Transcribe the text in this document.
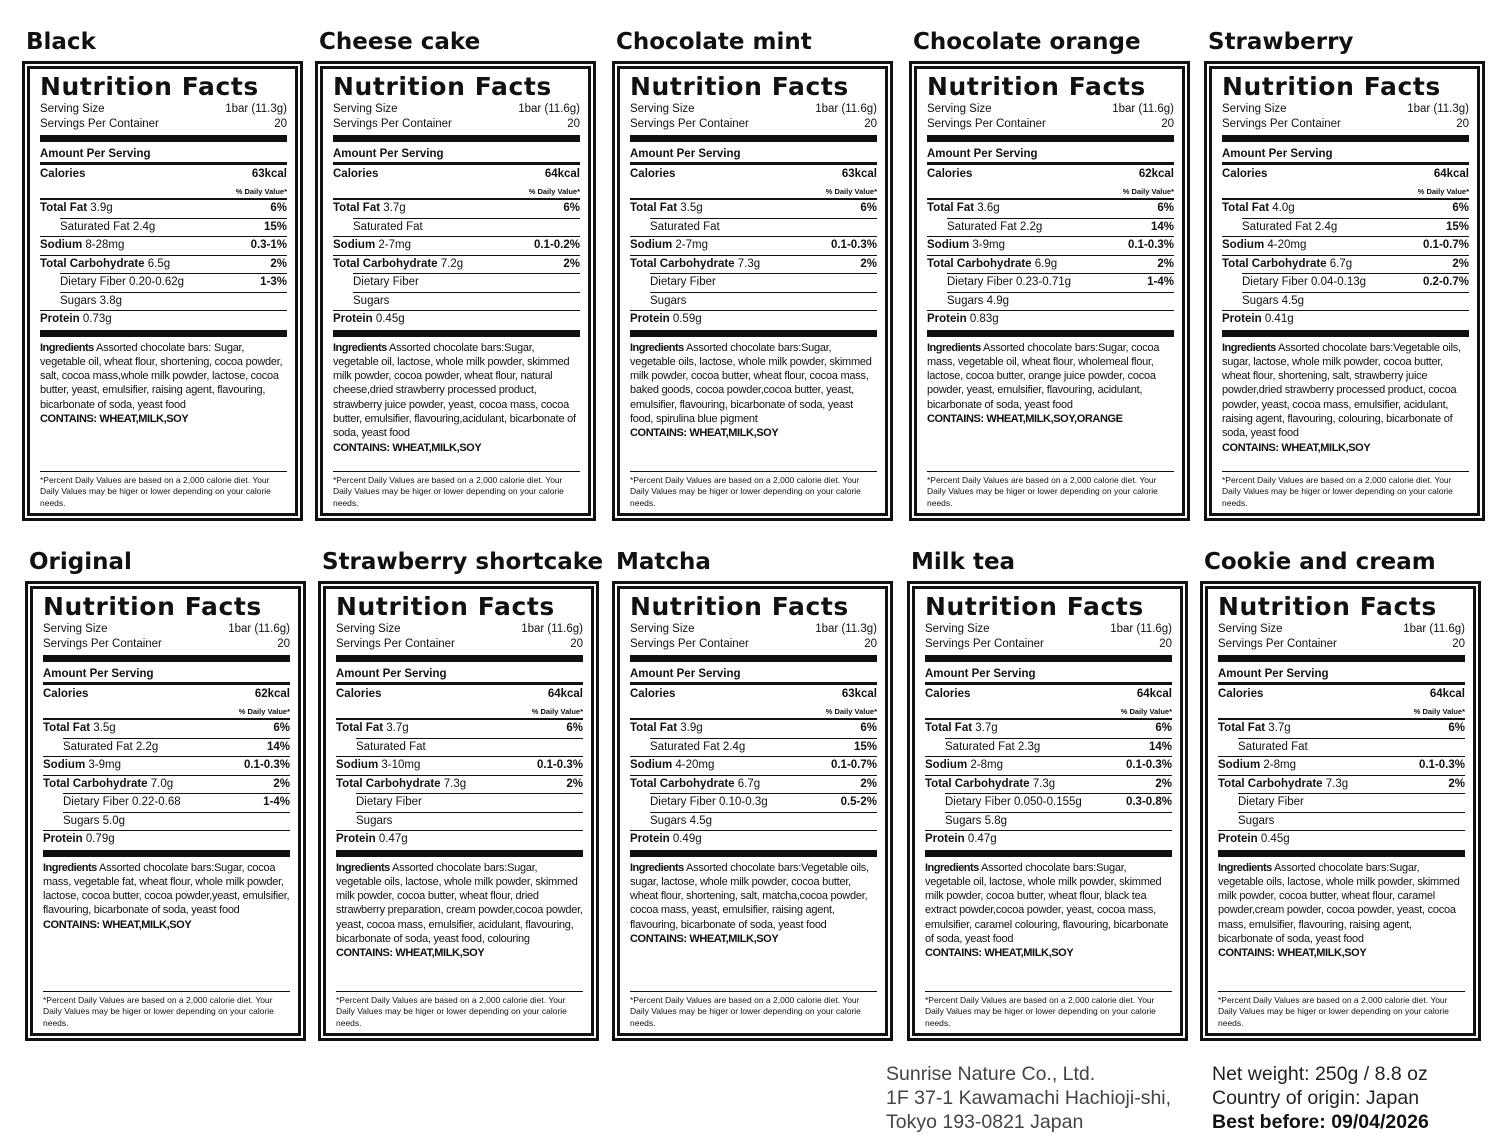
Black
Nutrition Facts
Serving Size	1bar (11.3g)
Servings Per Container	20
Amount Per Serving
Calories	63kcal
% Daily Value*
Total Fat 3.9g	6%
Saturated Fat 2.4g	15%
Sodium 8-28mg	0.3-1%
Total Carbohydrate 6.5g	2%
Dietary Fiber 0.20-0.62g	1-3%
Sugars 3.8g
Protein 0.73g
Ingredients Assorted chocolate bars: Sugar, vegetable oil, wheat flour, shortening, cocoa powder, salt, cocoa mass,whole milk powder, lactose, cocoa butter, yeast, emulsifier, raising agent, flavouring, bicarbonate of soda, yeast food
CONTAINS: WHEAT,MILK,SOY
*Percent Daily Values are based on a 2,000 calorie diet. Your Daily Values may be higer or lower depending on your calorie needs.
Cheese cake
Nutrition Facts
Serving Size	1bar (11.6g)
Servings Per Container	20
Amount Per Serving
Calories	64kcal
% Daily Value*
Total Fat 3.7g	6%
Saturated Fat
Sodium 2-7mg	0.1-0.2%
Total Carbohydrate 7.2g	2%
Dietary Fiber
Sugars
Protein 0.45g
Ingredients Assorted chocolate bars:Sugar, vegetable oil, lactose, whole milk powder, skimmed milk powder, cocoa powder, wheat flour, natural cheese,dried strawberry processed product, strawberry juice powder, yeast, cocoa mass, cocoa butter, emulsifier, flavouring,acidulant, bicarbonate of soda, yeast food
CONTAINS: WHEAT,MILK,SOY
*Percent Daily Values are based on a 2,000 calorie diet. Your Daily Values may be higer or lower depending on your calorie needs.
Chocolate mint
Nutrition Facts
Serving Size	1bar (11.6g)
Servings Per Container	20
Amount Per Serving
Calories	63kcal
% Daily Value*
Total Fat 3.5g	6%
Saturated Fat
Sodium 2-7mg	0.1-0.3%
Total Carbohydrate 7.3g	2%
Dietary Fiber
Sugars
Protein 0.59g
Ingredients Assorted chocolate bars:Sugar, vegetable oils, lactose, whole milk powder, skimmed milk powder, cocoa butter, wheat flour, cocoa mass, baked goods, cocoa powder,cocoa butter, yeast, emulsifier, flavouring, bicarbonate of soda, yeast food, spirulina blue pigment
CONTAINS: WHEAT,MILK,SOY
*Percent Daily Values are based on a 2,000 calorie diet. Your Daily Values may be higer or lower depending on your calorie needs.
Chocolate orange
Nutrition Facts
Serving Size	1bar (11.6g)
Servings Per Container	20
Amount Per Serving
Calories	62kcal
% Daily Value*
Total Fat 3.6g	6%
Saturated Fat 2.2g	14%
Sodium 3-9mg	0.1-0.3%
Total Carbohydrate 6.9g	2%
Dietary Fiber 0.23-0.71g	1-4%
Sugars 4.9g
Protein 0.83g
Ingredients Assorted chocolate bars:Sugar, cocoa mass, vegetable oil, wheat flour, wholemeal flour, lactose, cocoa butter, orange juice powder, cocoa powder, yeast, emulsifier, flavouring, acidulant, bicarbonate of soda, yeast food
CONTAINS: WHEAT,MILK,SOY,ORANGE
*Percent Daily Values are based on a 2,000 calorie diet. Your Daily Values may be higer or lower depending on your calorie needs.
Strawberry
Nutrition Facts
Serving Size	1bar (11.3g)
Servings Per Container	20
Amount Per Serving
Calories	64kcal
% Daily Value*
Total Fat 4.0g	6%
Saturated Fat 2.4g	15%
Sodium 4-20mg	0.1-0.7%
Total Carbohydrate 6.7g	2%
Dietary Fiber 0.04-0.13g	0.2-0.7%
Sugars 4.5g
Protein 0.41g
Ingredients Assorted chocolate bars:Vegetable oils, sugar, lactose, whole milk powder, cocoa butter, wheat flour, shortening, salt, strawberry juice powder,dried strawberry processed product, cocoa powder, yeast, cocoa mass, emulsifier, acidulant, raising agent, flavouring, colouring, bicarbonate of soda, yeast food
CONTAINS: WHEAT,MILK,SOY
*Percent Daily Values are based on a 2,000 calorie diet. Your Daily Values may be higer or lower depending on your calorie needs.
Original
Nutrition Facts
Serving Size	1bar (11.6g)
Servings Per Container	20
Amount Per Serving
Calories	62kcal
% Daily Value*
Total Fat 3.5g	6%
Saturated Fat 2.2g	14%
Sodium 3-9mg	0.1-0.3%
Total Carbohydrate 7.0g	2%
Dietary Fiber 0.22-0.68	1-4%
Sugars 5.0g
Protein 0.79g
Ingredients Assorted chocolate bars:Sugar, cocoa mass, vegetable fat, wheat flour, whole milk powder, lactose, cocoa butter, cocoa powder,yeast, emulsifier, flavouring, bicarbonate of soda, yeast food
CONTAINS: WHEAT,MILK,SOY
*Percent Daily Values are based on a 2,000 calorie diet. Your Daily Values may be higer or lower depending on your calorie needs.
Strawberry shortcake
Nutrition Facts
Serving Size	1bar (11.6g)
Servings Per Container	20
Amount Per Serving
Calories	64kcal
% Daily Value*
Total Fat 3.7g	6%
Saturated Fat
Sodium 3-10mg	0.1-0.3%
Total Carbohydrate 7.3g	2%
Dietary Fiber
Sugars
Protein 0.47g
Ingredients Assorted chocolate bars:Sugar, vegetable oils, lactose, whole milk powder, skimmed milk powder, cocoa butter, wheat flour, dried strawberry preparation, cream powder,cocoa powder, yeast, cocoa mass, emulsifier, acidulant, flavouring, bicarbonate of soda, yeast food, colouring
CONTAINS: WHEAT,MILK,SOY
*Percent Daily Values are based on a 2,000 calorie diet. Your Daily Values may be higer or lower depending on your calorie needs.
Matcha
Nutrition Facts
Serving Size	1bar (11.3g)
Servings Per Container	20
Amount Per Serving
Calories	63kcal
% Daily Value*
Total Fat 3.9g	6%
Saturated Fat 2.4g	15%
Sodium 4-20mg	0.1-0.7%
Total Carbohydrate 6.7g	2%
Dietary Fiber 0.10-0.3g	0.5-2%
Sugars 4.5g
Protein 0.49g
Ingredients Assorted chocolate bars:Vegetable oils, sugar, lactose, whole milk powder, cocoa butter, wheat flour, shortening, salt, matcha,cocoa powder, cocoa mass, yeast, emulsifier, raising agent, flavouring, bicarbonate of soda, yeast food
CONTAINS: WHEAT,MILK,SOY
*Percent Daily Values are based on a 2,000 calorie diet. Your Daily Values may be higer or lower depending on your calorie needs.
Milk tea
Nutrition Facts
Serving Size	1bar (11.6g)
Servings Per Container	20
Amount Per Serving
Calories	64kcal
% Daily Value*
Total Fat 3.7g	6%
Saturated Fat 2.3g	14%
Sodium 2-8mg	0.1-0.3%
Total Carbohydrate 7.3g	2%
Dietary Fiber 0.050-0.155g	0.3-0.8%
Sugars 5.8g
Protein 0.47g
Ingredients Assorted chocolate bars:Sugar, vegetable oil, lactose, whole milk powder, skimmed milk powder, cocoa butter, wheat flour, black tea extract powder,cocoa powder, yeast, cocoa mass, emulsifier, caramel colouring, flavouring, bicarbonate of soda, yeast food
CONTAINS: WHEAT,MILK,SOY
*Percent Daily Values are based on a 2,000 calorie diet. Your Daily Values may be higer or lower depending on your calorie needs.
Cookie and cream
Nutrition Facts
Serving Size	1bar (11.6g)
Servings Per Container	20
Amount Per Serving
Calories	64kcal
% Daily Value*
Total Fat 3.7g	6%
Saturated Fat
Sodium 2-8mg	0.1-0.3%
Total Carbohydrate 7.3g	2%
Dietary Fiber
Sugars
Protein 0.45g
Ingredients Assorted chocolate bars:Sugar, vegetable oils, lactose, whole milk powder, skimmed milk powder, cocoa butter, wheat flour, caramel powder,cream powder, cocoa powder, yeast, cocoa mass, emulsifier, flavouring, raising agent, bicarbonate of soda, yeast food
CONTAINS: WHEAT,MILK,SOY
*Percent Daily Values are based on a 2,000 calorie diet. Your Daily Values may be higer or lower depending on your calorie needs.
Sunrise Nature Co., Ltd.
1F 37-1 Kawamachi Hachioji-shi,
Tokyo 193-0821 Japan
Net weight: 250g / 8.8 oz
Country of origin: Japan
Best before: 09/04/2026
